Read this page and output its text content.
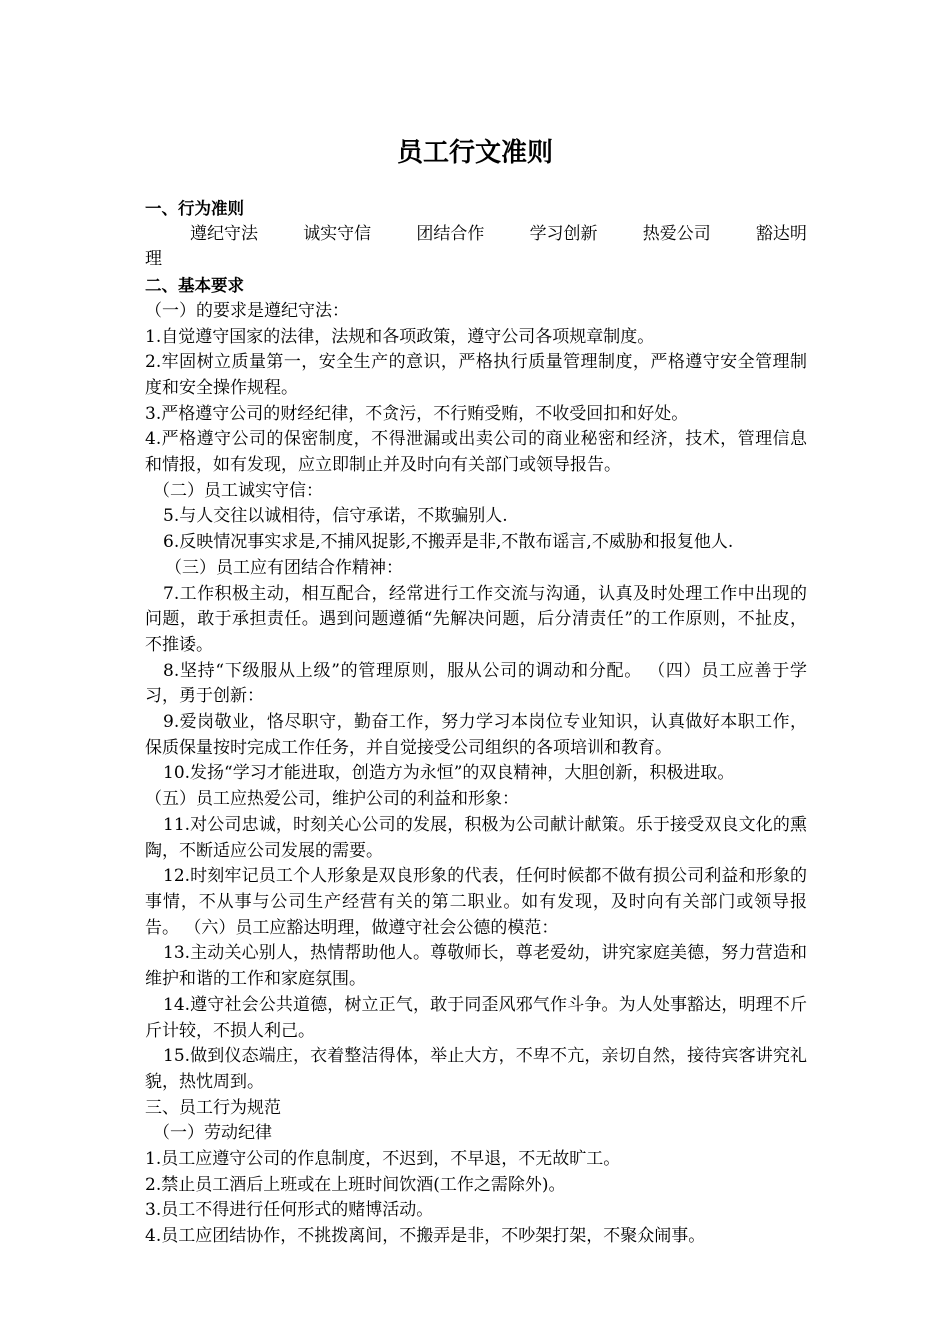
员工行文准则

一、行为准则

遵纪守法	诚实守信	团结合作	学习创新	热爱公司	豁达明

理

二、基本要求

（一）的要求是遵纪守法：

1.自觉遵守国家的法律，法规和各项政策，遵守公司各项规章制度。

2.牢固树立质量第一，安全生产的意识，严格执行质量管理制度，严格遵守安全管理制度和安全操作规程。

3.严格遵守公司的财经纪律，不贪污，不行贿受贿，不收受回扣和好处。

4.严格遵守公司的保密制度，不得泄漏或出卖公司的商业秘密和经济，技术，管理信息和情报，如有发现，应立即制止并及时向有关部门或领导报告。

（二）员工诚实守信：

5.与人交往以诚相待，信守承诺，不欺骗别人.

6.反映情况事实求是,不捕风捉影,不搬弄是非,不散布谣言,不威胁和报复他人.

（三）员工应有团结合作精神：

7.工作积极主动，相互配合，经常进行工作交流与沟通，认真及时处理工作中出现的问题，敢于承担责任。遇到问题遵循“先解决问题，后分清责任”的工作原则，不扯皮，不推诿。

8.坚持“下级服从上级”的管理原则，服从公司的调动和分配。 （四）员工应善于学习，勇于创新：

9.爱岗敬业，恪尽职守，勤奋工作，努力学习本岗位专业知识，认真做好本职工作，保质保量按时完成工作任务，并自觉接受公司组织的各项培训和教育。

10.发扬“学习才能进取，创造方为永恒”的双良精神，大胆创新，积极进取。

（五）员工应热爱公司，维护公司的利益和形象：

11.对公司忠诚，时刻关心公司的发展，积极为公司献计献策。乐于接受双良文化的熏陶，不断适应公司发展的需要。

12.时刻牢记员工个人形象是双良形象的代表，任何时候都不做有损公司利益和形象的事情，不从事与公司生产经营有关的第二职业。如有发现，及时向有关部门或领导报告。 （六）员工应豁达明理，做遵守社会公德的模范：

13.主动关心别人，热情帮助他人。尊敬师长，尊老爱幼，讲究家庭美德，努力营造和维护和谐的工作和家庭氛围。

14.遵守社会公共道德，树立正气，敢于同歪风邪气作斗争。为人处事豁达，明理不斤斤计较，不损人利己。

15.做到仪态端庄，衣着整洁得体，举止大方，不卑不亢，亲切自然，接待宾客讲究礼貌，热忱周到。

三、员工行为规范

（一）劳动纪律

1.员工应遵守公司的作息制度，不迟到，不早退，不无故旷工。

2.禁止员工酒后上班或在上班时间饮酒(工作之需除外)。

3.员工不得进行任何形式的赌博活动。

4.员工应团结协作，不挑拨离间，不搬弄是非，不吵架打架，不聚众闹事。
